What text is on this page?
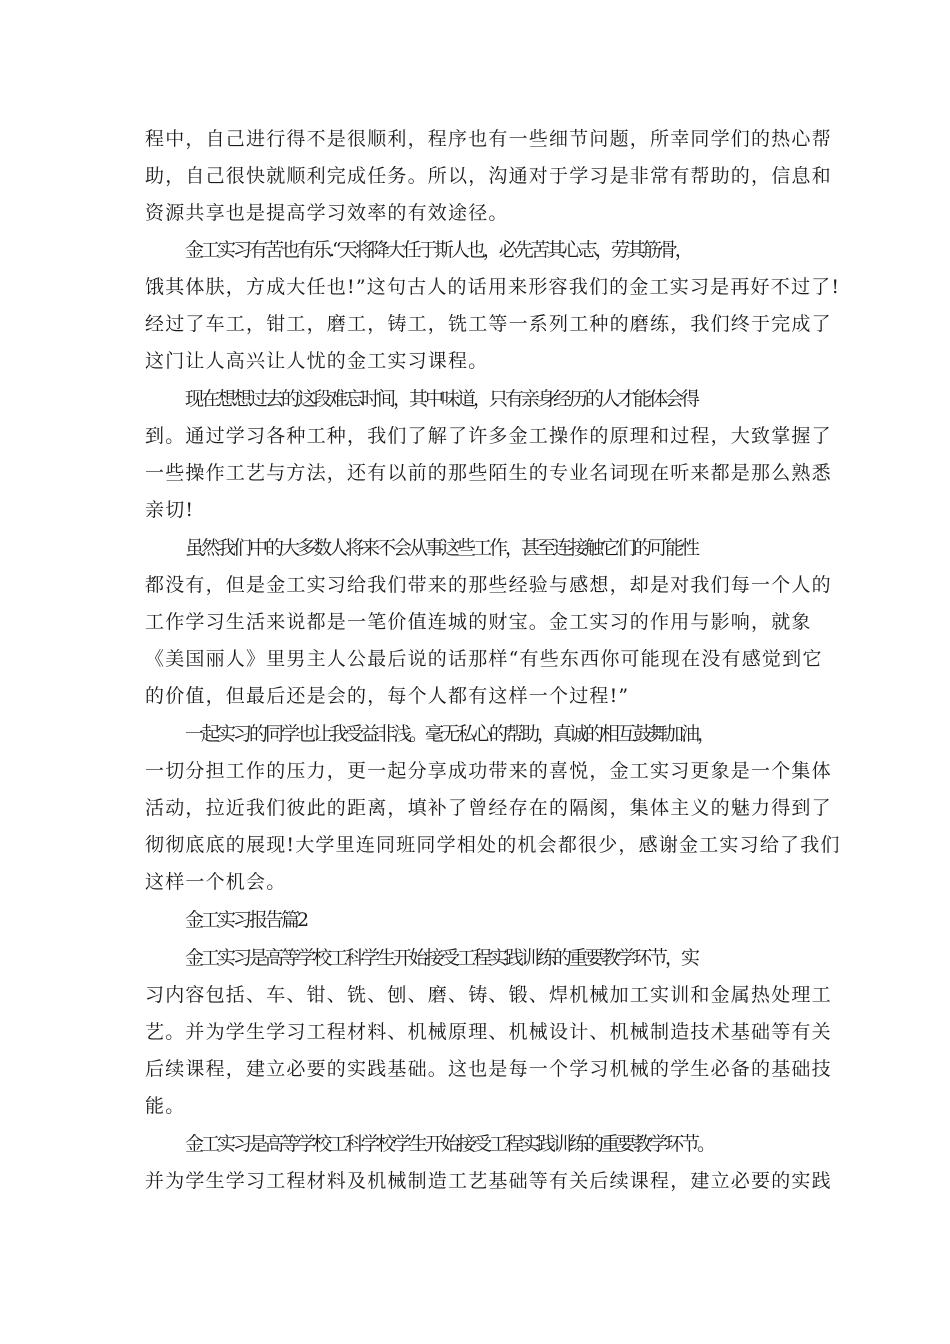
程中，自己进行得不是很顺利，程序也有一些细节问题，所幸同学们的热心帮
助，自己很快就顺利完成任务。所以，沟通对于学习是非常有帮助的，信息和
资源共享也是提高学习效率的有效途径。
金工实习有苦也有乐.“天将降大任于斯人也，必先苦其心志，劳其筋骨，
饿其体肤，方成大任也!”这句古人的话用来形容我们的金工实习是再好不过了!
经过了车工，钳工，磨工，铸工，铣工等一系列工种的磨练，我们终于完成了
这门让人高兴让人忧的金工实习课程。
现在想想过去的这段难忘时间，其中味道，只有亲身经历的人才能体会得
到。通过学习各种工种，我们了解了许多金工操作的原理和过程，大致掌握了
一些操作工艺与方法，还有以前的那些陌生的专业名词现在听来都是那么熟悉
亲切!
虽然我们中的大多数人将来不会从事这些工作，甚至连接触它们的可能性
都没有，但是金工实习给我们带来的那些经验与感想，却是对我们每一个人的
工作学习生活来说都是一笔价值连城的财宝。金工实习的作用与影响，就象
《美国丽人》里男主人公最后说的话那样“有些东西你可能现在没有感觉到它
的价值，但最后还是会的，每个人都有这样一个过程!”
一起实习的同学也让我受益非浅。毫无私心的帮助，真诚的相互鼓舞加油，
一切分担工作的压力，更一起分享成功带来的喜悦，金工实习更象是一个集体
活动，拉近我们彼此的距离，填补了曾经存在的隔阂，集体主义的魅力得到了
彻彻底底的展现!大学里连同班同学相处的机会都很少，感谢金工实习给了我们
这样一个机会。
金工实习报告篇2
金工实习是高等学校工科学生开始接受工程实践训练的重要教学环节，实
习内容包括、车、钳、铣、刨、磨、铸、锻、焊机械加工实训和金属热处理工
艺。并为学生学习工程材料、机械原理、机械设计、机械制造技术基础等有关
后续课程，建立必要的实践基础。这也是每一个学习机械的学生必备的基础技
能。
金工实习是高等学校工科学校学生开始接受工程实践训练的重要教学环节。
并为学生学习工程材料及机械制造工艺基础等有关后续课程，建立必要的实践
